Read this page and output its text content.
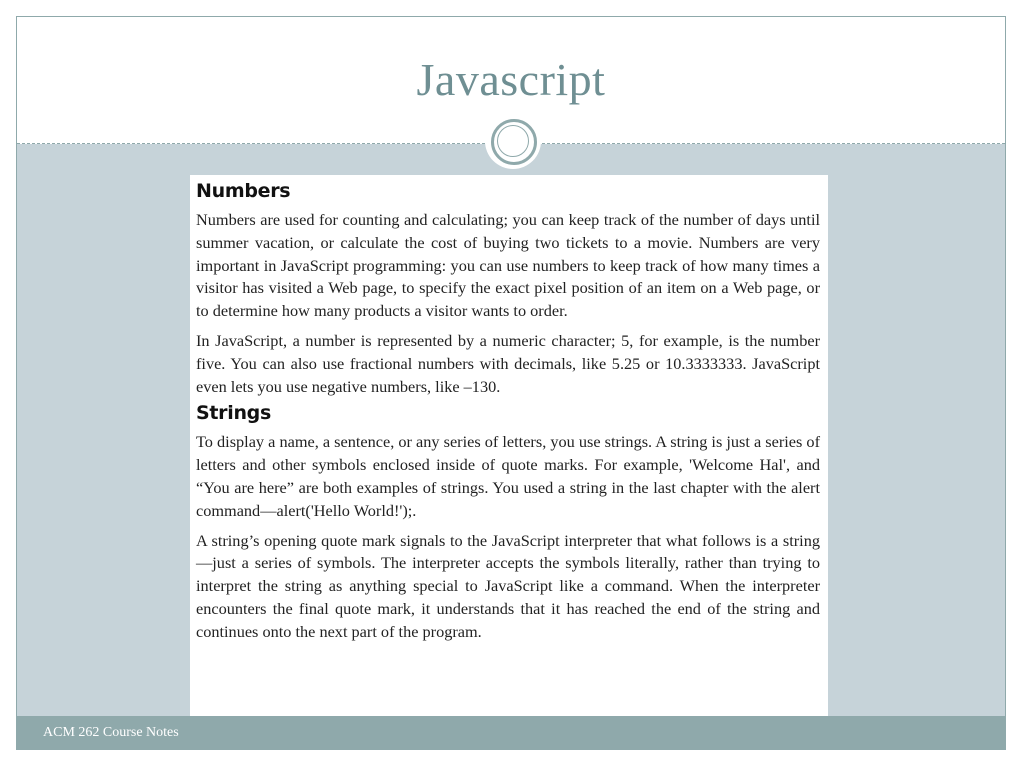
Javascript
Numbers

Numbers are used for counting and calculating; you can keep track of the number of days until summer vacation, or calculate the cost of buying two tickets to a movie. Numbers are very important in JavaScript programming: you can use numbers to keep track of how many times a visitor has visited a Web page, to specify the exact pixel position of an item on a Web page, or to determine how many products a visitor wants to order.

In JavaScript, a number is represented by a numeric character; 5, for example, is the number five. You can also use fractional numbers with decimals, like 5.25 or 10.3333333. JavaScript even lets you use negative numbers, like –130.

Strings

To display a name, a sentence, or any series of letters, you use strings. A string is just a series of letters and other symbols enclosed inside of quote marks. For example, 'Welcome Hal', and “You are here” are both examples of strings. You used a string in the last chapter with the alert command—alert('Hello World!');.

A string’s opening quote mark signals to the JavaScript interpreter that what follows is a string—just a series of symbols. The interpreter accepts the symbols literally, rather than trying to interpret the string as anything special to JavaScript like a command. When the interpreter encounters the final quote mark, it understands that it has reached the end of the string and continues onto the next part of the program.

ACM 262 Course Notes
